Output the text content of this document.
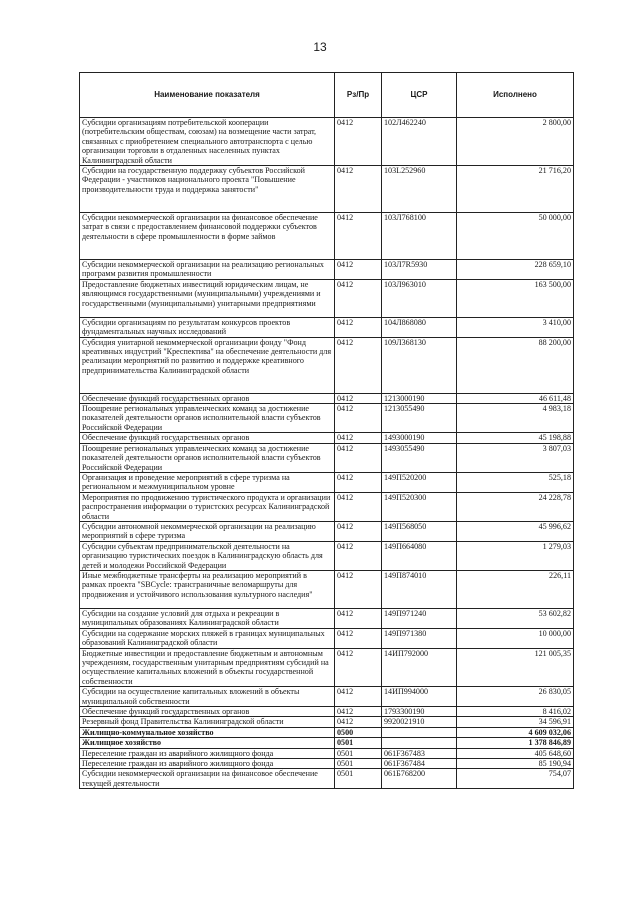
13
Наименование показателя	Рз/Пр	ЦСР	Исполнено
Субсидии организациям потребительской кооперации (потребительским обществам, союзам) на возмещение части затрат, связанных с приобретением специального автотранспорта с целью организации торговли в отдаленных населенных пунктах Калининградской области	0412	102Л462240	2 800,00
Субсидии на государственную поддержку субъектов Российской Федерации - участников национального проекта "Повышение производительности труда и поддержка занятости"	0412	103L252960	21 716,20
Субсидии некоммерческой организации на финансовое обеспечение затрат в связи с предоставлением финансовой поддержки субъектов деятельности в сфере промышленности в форме займов	0412	103Л768100	50 000,00
Субсидии некоммерческой организации на реализацию региональных программ развития промышленности	0412	103Л7R5930	228 659,10
Предоставление бюджетных инвестиций юридическим лицам, не являющимся государственными (муниципальными) учреждениями и государственными (муниципальными) унитарными предприятиями	0412	103Л963010	163 500,00
Субсидии организациям по результатам конкурсов проектов фундаментальных научных исследований	0412	104Л868080	3 410,00
Субсидия унитарной некоммерческой организации фонду "Фонд креативных индустрий "Креспектива" на обеспечение деятельности для реализации мероприятий по развитию и поддержке креативного предпринимательства Калининградской области	0412	109Л368130	88 200,00
Обеспечение функций государственных органов	0412	1213000190	46 611,48
Поощрение региональных управленческих команд за достижение показателей деятельности органов исполнительной власти субъектов Российской Федерации	0412	1213055490	4 983,18
Обеспечение функций государственных органов	0412	1493000190	45 198,88
Поощрение региональных управленческих команд за достижение показателей деятельности органов исполнительной власти субъектов Российской Федерации	0412	1493055490	3 807,03
Организация и проведение мероприятий в сфере туризма на региональном и межмуниципальном уровне	0412	149П520200	525,18
Мероприятия по продвижению туристического продукта и организации распространения информации о туристских ресурсах Калининградской области	0412	149П520300	24 228,78
Субсидии автономной некоммерческой организации на реализацию мероприятий в сфере туризма	0412	149П568050	45 996,62
Субсидии субъектам предпринимательской деятельности на организацию туристических поездок в Калининградскую область для детей и молодежи Российской Федерации	0412	149П664080	1 279,03
Иные межбюджетные трансферты на реализацию мероприятий в рамках проекта "SBCycle: трансграничные веломаршруты для продвижения и устойчивого использования культурного наследия"	0412	149П874010	226,11
Субсидии на создание условий для отдыха и рекреации в муниципальных образованиях Калининградской области	0412	149П971240	53 602,82
Субсидии на содержание морских пляжей в границах муниципальных образований Калининградской области	0412	149П971380	10 000,00
Бюджетные инвестиции и предоставление бюджетным и автономным учреждениям, государственным унитарным предприятиям субсидий на осуществление капитальных вложений в объекты государственной собственности	0412	14ИП792000	121 005,35
Субсидии на осуществление капитальных вложений в объекты муниципальной собственности	0412	14ИП994000	26 830,05
Обеспечение функций государственных органов	0412	1793300190	8 416,02
Резервный фонд Правительства Калининградской области	0412	9920021910	34 596,91
Жилищно-коммунальное хозяйство	0500		4 609 032,06
Жилищное хозяйство	0501		1 378 846,89
Переселение граждан из аварийного жилищного фонда	0501	061F367483	405 648,60
Переселение граждан из аварийного жилищного фонда	0501	061F367484	85 190,94
Субсидии некоммерческой организации на финансовое обеспечение текущей деятельности	0501	061Б768200	754,07
